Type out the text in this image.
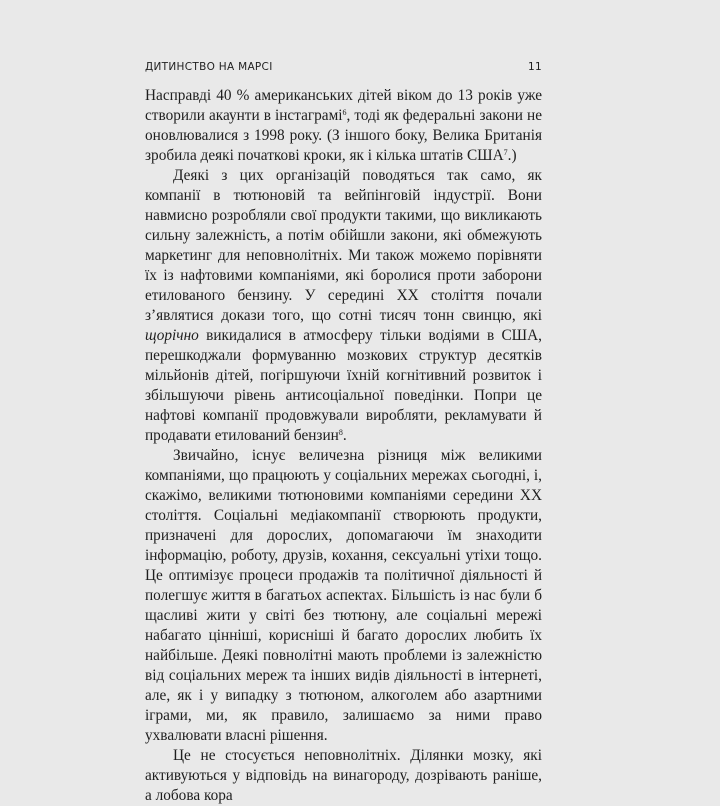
ДИТИНСТВО НА МАРСІ	11

Насправді 40 % американських дітей віком до 13 років уже створили акаунти в інстаграмі$^6$, тоді як федеральні закони не оновлювалися з 1998 року. (З іншого боку, Велика Британія зробила деякі початкові кроки, як і кілька штатів США$^7$.)

Деякі з цих організацій поводяться так само, як компанії в тютюновій та вейпінговій індустрії. Вони навмисно розробляли свої продукти такими, що викликають сильну залежність, а потім обійшли закони, які обмежують маркетинг для неповнолітніх. Ми також можемо порівняти їх із нафтовими компаніями, які боролися проти заборони етилованого бензину. У середині XX століття почали з’являтися докази того, що сотні тисяч тонн свинцю, які щорічно викидалися в атмосферу тільки водіями в США, перешкоджали формуванню мозкових структур десятків мільйонів дітей, погіршуючи їхній когнітивний розвиток і збільшуючи рівень антисоціальної поведінки. Попри це нафтові компанії продовжували виробляти, рекламувати й продавати етилований бензин$^8$.

Звичайно, існує величезна різниця між великими компаніями, що працюють у соціальних мережах сьогодні, і, скажімо, великими тютюновими компаніями середини XX століття. Соціальні медіакомпанії створюють продукти, призначені для дорослих, допомагаючи їм знаходити інформацію, роботу, друзів, кохання, сексуальні утіхи тощо. Це оптимізує процеси продажів та політичної діяльності й полегшує життя в багатьох аспектах. Більшість із нас були б щасливі жити у світі без тютюну, але соціальні мережі набагато цінніші, корисніші й багато дорослих любить їх найбільше. Деякі повнолітні мають проблеми із залежністю від соціальних мереж та інших видів діяльності в інтернеті, але, як і у випадку з тютюном, алкоголем або азартними іграми, ми, як правило, залишаємо за ними право ухвалювати власні рішення.

Це не стосується неповнолітніх. Ділянки мозку, які активуються у відповідь на винагороду, дозрівають раніше, а лобова кора
